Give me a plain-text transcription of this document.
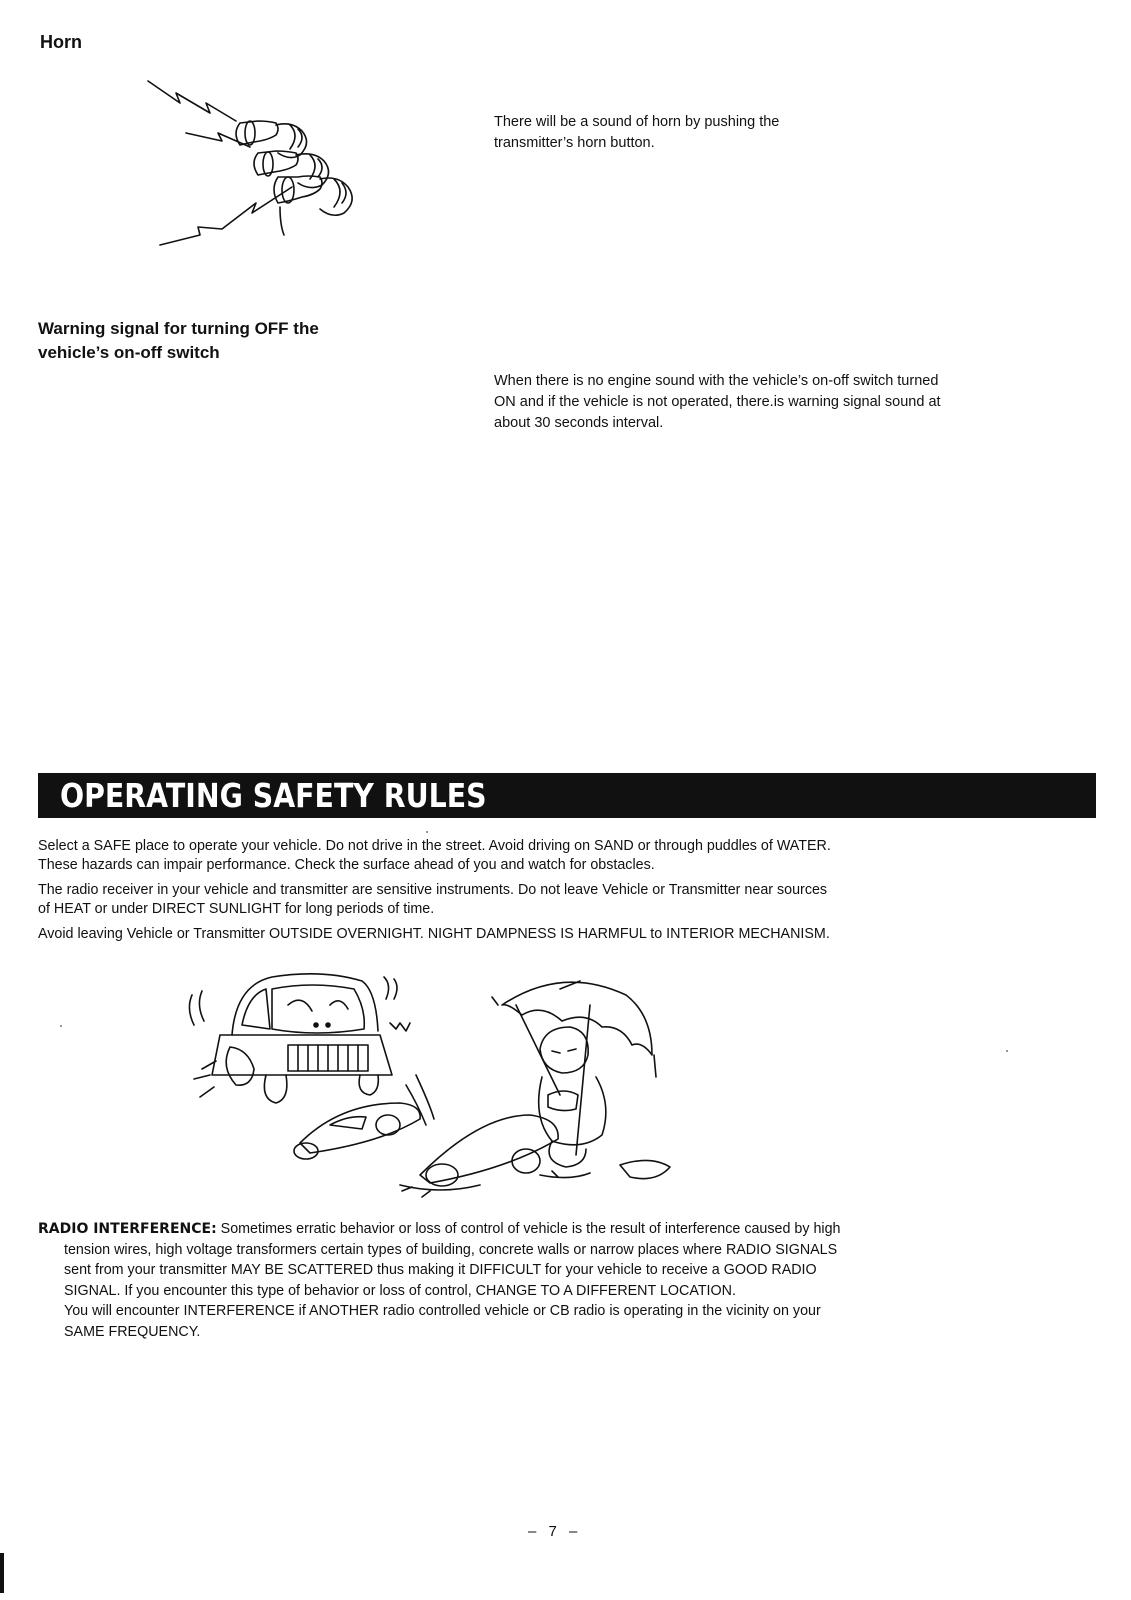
Horn
There will be a sound of horn by pushing the
transmitter’s horn button.
Warning signal for turning OFF the
vehicle’s on-off switch
When there is no engine sound with the vehicle’s on-off switch turned
ON and if the vehicle is not operated, there.is warning signal sound at
about 30 seconds interval.
OPERATING SAFETY RULES

Select a SAFE place to operate your vehicle. Do not drive in the street. Avoid driving on SAND or through puddles of WATER.
These hazards can impair performance. Check the surface ahead of you and watch for obstacles.

The radio receiver in your vehicle and transmitter are sensitive instruments. Do not leave Vehicle or Transmitter near sources
of HEAT or under DIRECT SUNLIGHT for long periods of time.

Avoid leaving Vehicle or Transmitter OUTSIDE OVERNIGHT. NIGHT DAMPNESS IS HARMFUL to INTERIOR MECHANISM.

RADIO INTERFERENCE: Sometimes erratic behavior or loss of control of vehicle is the result of interference caused by high
tension wires, high voltage transformers certain types of building, concrete walls or narrow places where RADIO SIGNALS
sent from your transmitter MAY BE SCATTERED thus making it DIFFICULT for your vehicle to receive a GOOD RADIO
SIGNAL. If you encounter this type of behavior or loss of control, CHANGE TO A DIFFERENT LOCATION.
You will encounter INTERFERENCE if ANOTHER radio controlled vehicle or CB radio is operating in the vicinity on your
SAME FREQUENCY.
– 7 –
